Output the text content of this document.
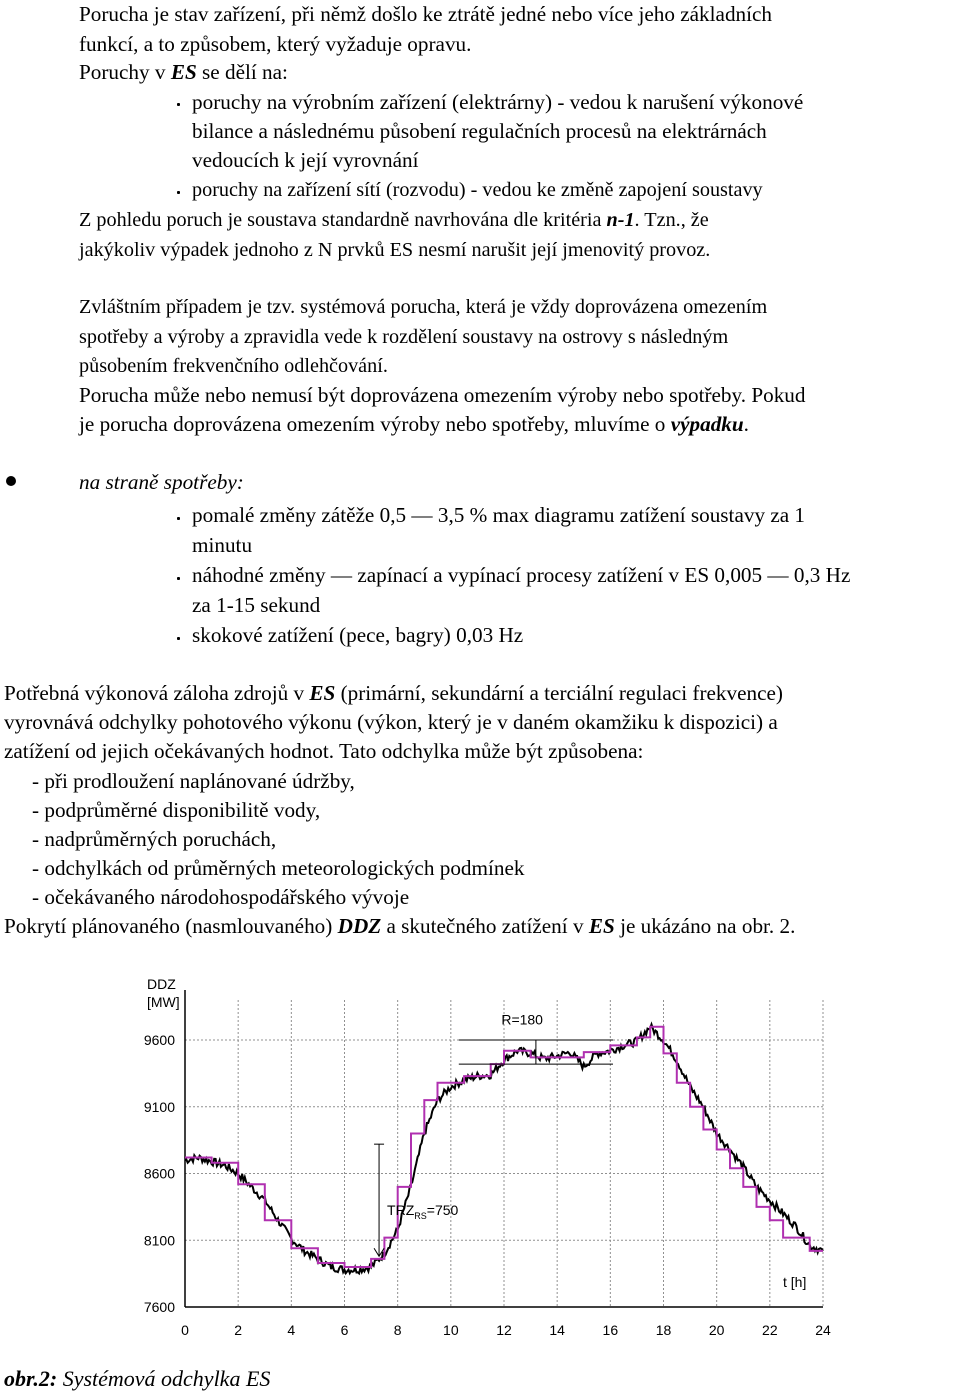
Porucha je stav zařízení, při němž došlo ke ztrátě jedné nebo více jeho základních
funkcí, a to způsobem, který vyžaduje opravu.
Poruchy v ES se dělí na:
poruchy na výrobním zařízení (elektrárny) - vedou k narušení výkonové
bilance a následnému působení regulačních procesů na elektrárnách
vedoucích k její vyrovnání
poruchy na zařízení sítí (rozvodu) - vedou ke změně zapojení soustavy
Z pohledu poruch je soustava standardně navrhována dle kritéria n-1. Tzn., že
jakýkoliv výpadek jednoho z N prvků ES nesmí narušit její jmenovitý provoz.
Zvláštním případem je tzv. systémová porucha, která je vždy doprovázena omezením
spotřeby a výroby a zpravidla vede k rozdělení soustavy na ostrovy s následným
působením frekvenčního odlehčování.
Porucha může nebo nemusí být doprovázena omezením výroby nebo spotřeby. Pokud
je porucha doprovázena omezením výroby nebo spotřeby, mluvíme o výpadku.
na straně spotřeby:
pomalé změny zátěže 0,5 — 3,5 % max diagramu zatížení soustavy za 1
minutu
náhodné změny — zapínací a vypínací procesy zatížení v ES 0,005 — 0,3 Hz
za 1-15 sekund
skokové zatížení (pece, bagry) 0,03 Hz
Potřebná výkonová záloha zdrojů v ES (primární, sekundární a terciální regulaci frekvence)
vyrovnává odchylky pohotového výkonu (výkon, který je v daném okamžiku k dispozici) a
zatížení od jejich očekávaných hodnot. Tato odchylka může být způsobena:
- při prodloužení naplánované údržby,
- podprůměrné disponibilitě vody,
- nadprůměrných poruchách,
- odchylkách od průměrných meteorologických podmínek
- očekávaného národohospodářského vývoje
Pokrytí plánovaného (nasmlouvaného) DDZ a skutečného zatížení v ES je ukázáno na obr. 2.
7600
8100
8600
9100
9600
0	2	4	6	8	10	12	14	16	18	20	22	24
R=180
$TRZ_{RS}=750$
DDZ
[MW]
t [h]
obr.2: Systémová odchylka ES
